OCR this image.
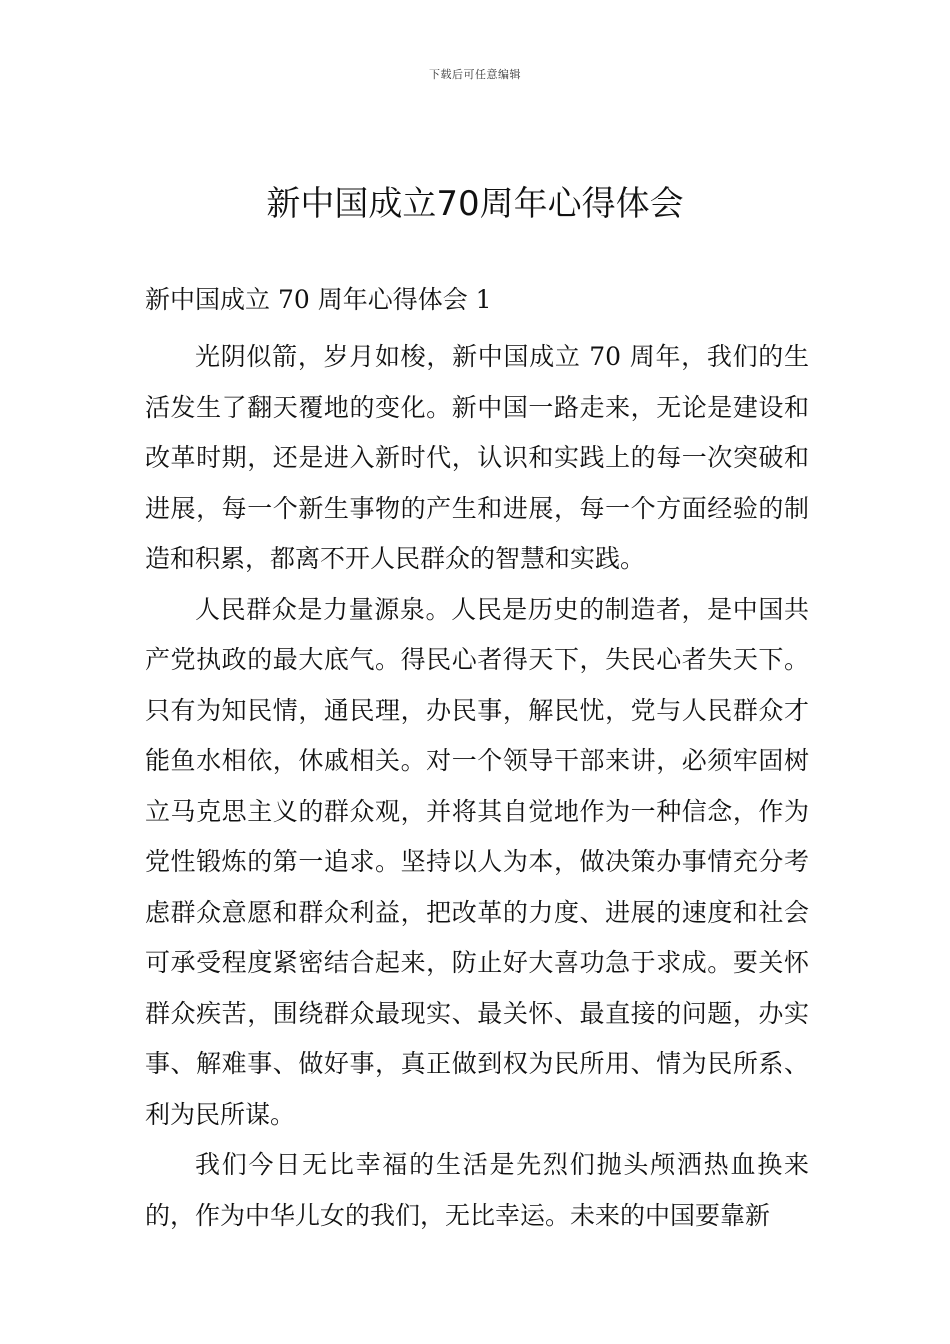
下载后可任意编辑
新中国成立70周年心得体会

新中国成立 70 周年心得体会 1

光阴似箭，岁月如梭，新中国成立 70 周年，我们的生活发生了翻天覆地的变化。新中国一路走来，无论是建设和改革时期，还是进入新时代，认识和实践上的每一次突破和进展，每一个新生事物的产生和进展，每一个方面经验的制造和积累，都离不开人民群众的智慧和实践。

人民群众是力量源泉。人民是历史的制造者，是中国共产党执政的最大底气。得民心者得天下，失民心者失天下。只有为知民情，通民理，办民事，解民忧，党与人民群众才能鱼水相依，休戚相关。对一个领导干部来讲，必须牢固树立马克思主义的群众观，并将其自觉地作为一种信念，作为党性锻炼的第一追求。坚持以人为本，做决策办事情充分考虑群众意愿和群众利益，把改革的力度、进展的速度和社会可承受程度紧密结合起来，防止好大喜功急于求成。要关怀群众疾苦，围绕群众最现实、最关怀、最直接的问题，办实事、解难事、做好事，真正做到权为民所用、情为民所系、利为民所谋。

我们今日无比幸福的生活是先烈们抛头颅洒热血换来的，作为中华儿女的我们，无比幸运。未来的中国要靠新
